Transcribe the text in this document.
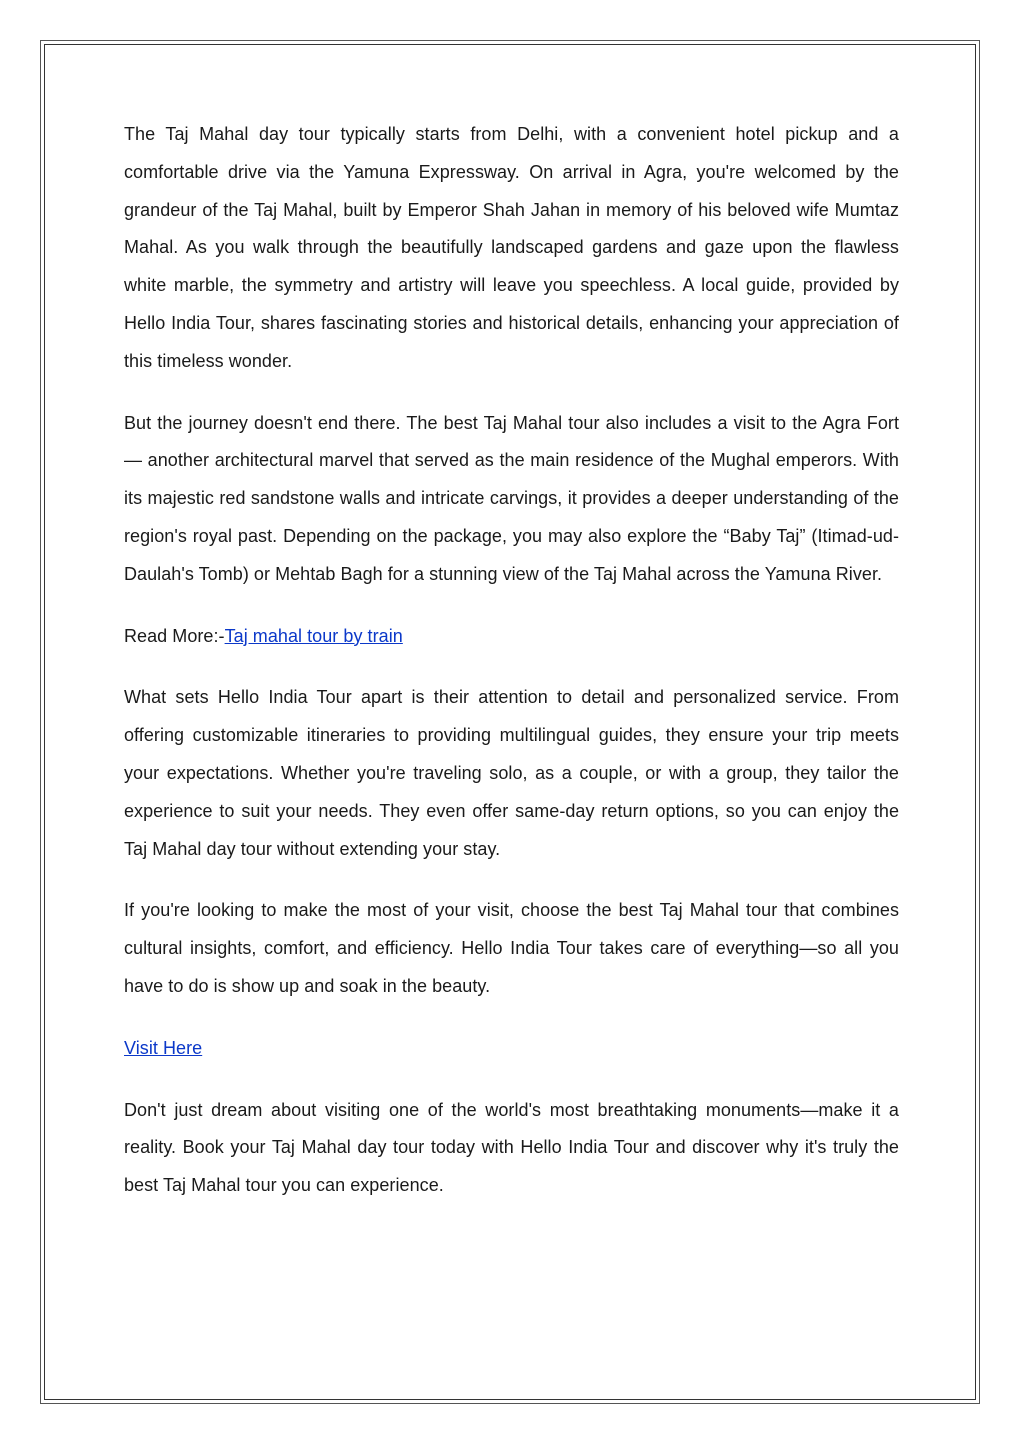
The Taj Mahal day tour typically starts from Delhi, with a convenient hotel pickup and a comfortable drive via the Yamuna Expressway. On arrival in Agra, you're welcomed by the grandeur of the Taj Mahal, built by Emperor Shah Jahan in memory of his beloved wife Mumtaz Mahal. As you walk through the beautifully landscaped gardens and gaze upon the flawless white marble, the symmetry and artistry will leave you speechless. A local guide, provided by Hello India Tour, shares fascinating stories and historical details, enhancing your appreciation of this timeless wonder.

But the journey doesn't end there. The best Taj Mahal tour also includes a visit to the Agra Fort — another architectural marvel that served as the main residence of the Mughal emperors. With its majestic red sandstone walls and intricate carvings, it provides a deeper understanding of the region's royal past. Depending on the package, you may also explore the “Baby Taj” (Itimad-ud-Daulah's Tomb) or Mehtab Bagh for a stunning view of the Taj Mahal across the Yamuna River.

Read More:-Taj mahal tour by train

What sets Hello India Tour apart is their attention to detail and personalized service. From offering customizable itineraries to providing multilingual guides, they ensure your trip meets your expectations. Whether you're traveling solo, as a couple, or with a group, they tailor the experience to suit your needs. They even offer same-day return options, so you can enjoy the Taj Mahal day tour without extending your stay.

If you're looking to make the most of your visit, choose the best Taj Mahal tour that combines cultural insights, comfort, and efficiency. Hello India Tour takes care of everything—so all you have to do is show up and soak in the beauty.

Visit Here

Don't just dream about visiting one of the world's most breathtaking monuments—make it a reality. Book your Taj Mahal day tour today with Hello India Tour and discover why it's truly the best Taj Mahal tour you can experience.
